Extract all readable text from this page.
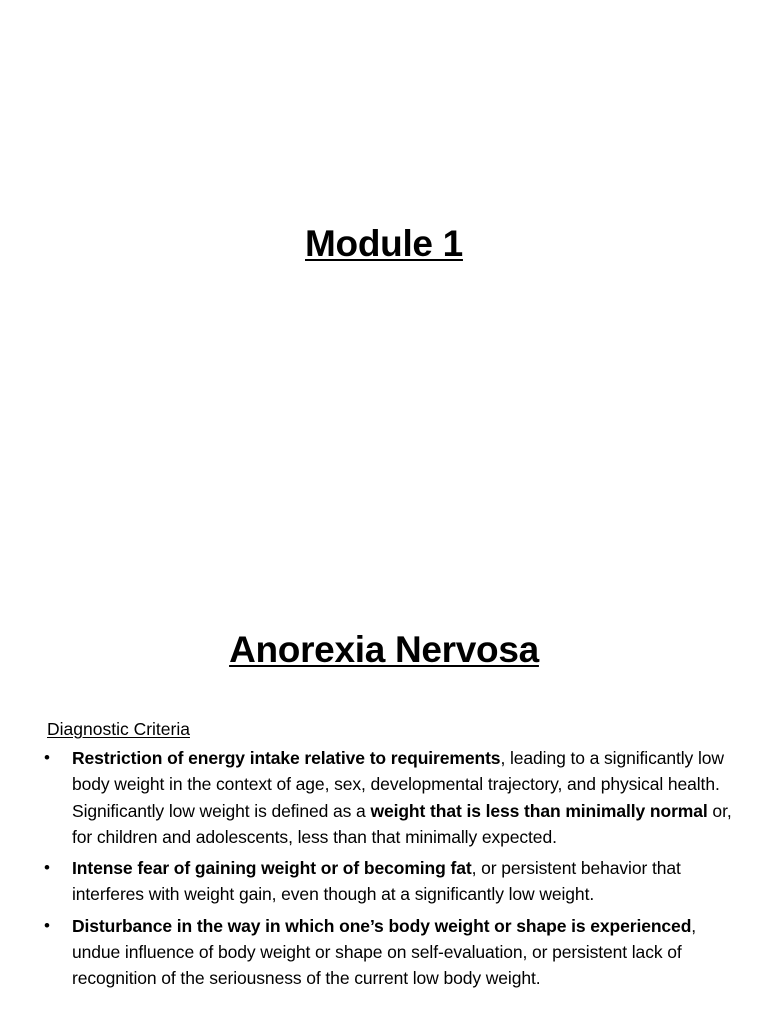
Module 1
Anorexia Nervosa
Diagnostic Criteria
• Restriction of energy intake relative to requirements, leading to a significantly low body weight in the context of age, sex, developmental trajectory, and physical health. Significantly low weight is defined as a weight that is less than minimally normal or, for children and adolescents, less than that minimally expected.
• Intense fear of gaining weight or of becoming fat, or persistent behavior that interferes with weight gain, even though at a significantly low weight.
• Disturbance in the way in which one’s body weight or shape is experienced, undue influence of body weight or shape on self-evaluation, or persistent lack of recognition of the seriousness of the current low body weight.
